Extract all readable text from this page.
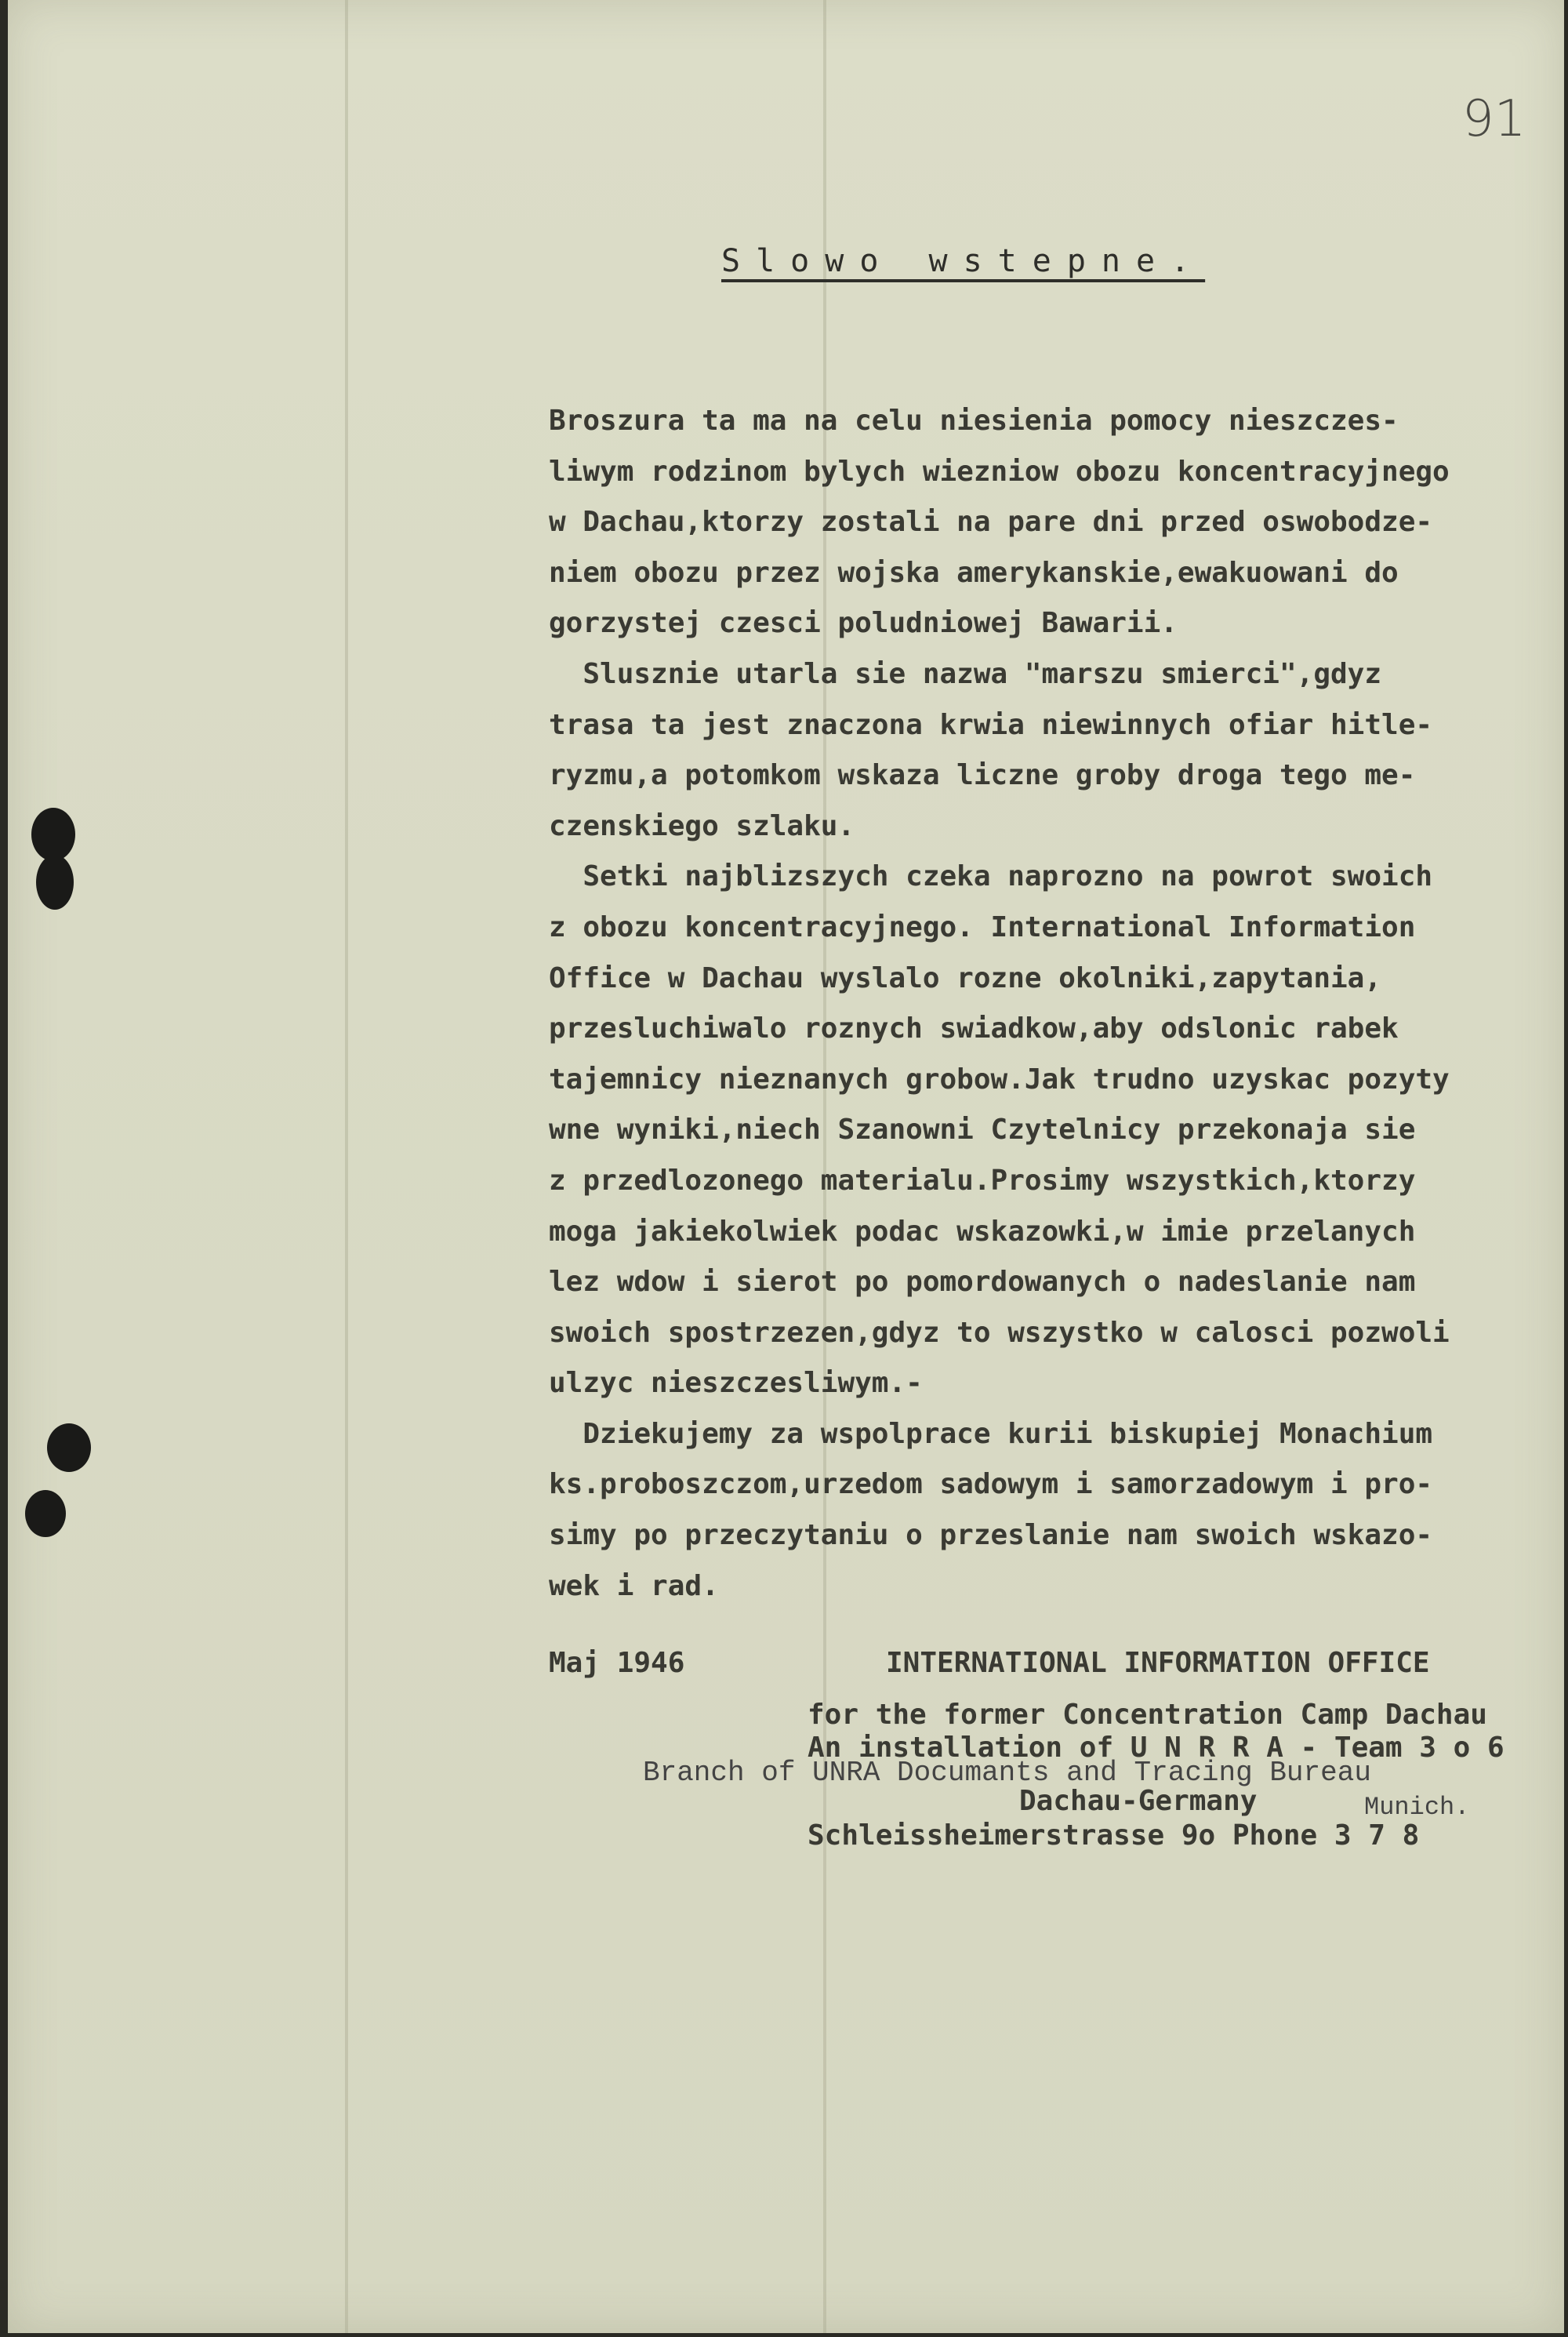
91
Slowo wstepne.
Broszura ta ma na celu niesienia pomocy nieszczes-
liwym rodzinom bylych wiezniow obozu koncentracyjnego
w Dachau,ktorzy zostali na pare dni przed oswobodze-
niem obozu przez wojska amerykanskie,ewakuowani do
gorzystej czesci poludniowej Bawarii.
Slusznie utarla sie nazwa "marszu smierci",gdyz
trasa ta jest znaczona krwia niewinnych ofiar hitle-
ryzmu,a potomkom wskaza liczne groby droga tego me-
czenskiego szlaku.
Setki najblizszych czeka naprozno na powrot swoich
z obozu koncentracyjnego. International Information
Office w Dachau wyslalo rozne okolniki,zapytania,
przesluchiwalo roznych swiadkow,aby odslonic rabek
tajemnicy nieznanych grobow.Jak trudno uzyskac pozyty
wne wyniki,niech Szanowni Czytelnicy przekonaja sie
z przedlozonego materialu.Prosimy wszystkich,ktorzy
moga jakiekolwiek podac wskazowki,w imie przelanych
lez wdow i sierot po pomordowanych o nadeslanie nam
swoich spostrzezen,gdyz to wszystko w calosci pozwoli
ulzyc nieszczesliwym.-
Dziekujemy za wspolprace kurii biskupiej Monachium
ks.proboszczom,urzedom sadowym i samorzadowym i pro-
simy po przeczytaniu o przeslanie nam swoich wskazo-
wek i rad.
Maj 1946	INTERNATIONAL INFORMATION OFFICE
for the former Concentration Camp Dachau
An installation of U N R R A - Team 3 o 6
Branch of UNRA Documants and Tracing Bureau
Dachau-Germany	Munich.
Schleissheimerstrasse 9o Phone 3 7 8
